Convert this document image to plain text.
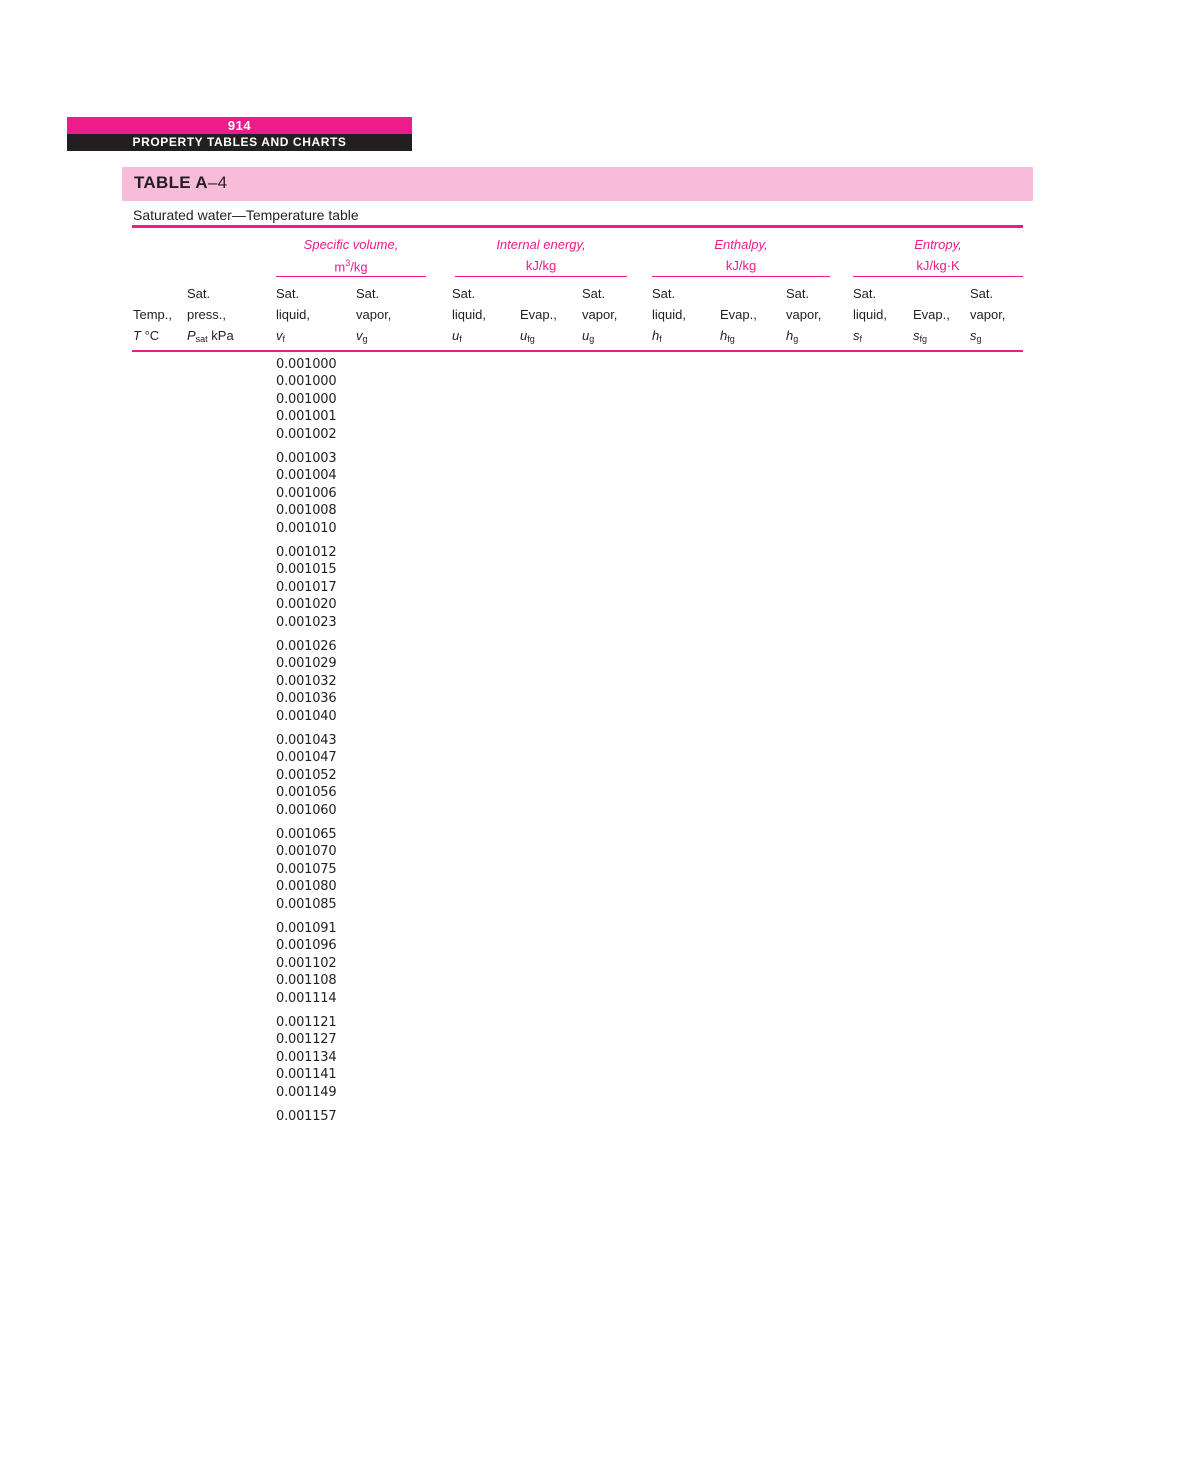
914
PROPERTY TABLES AND CHARTS
TABLE A–4
Saturated water—Temperature table
Specific volume,
$m^3/kg$
Internal energy,
kJ/kg
Enthalpy,
kJ/kg
Entropy,
kJ/kg·K

Temp.,
T °C
Sat.
press.,
$P_{sat}$ kPa
Sat.
liquid,
$v_f$
Sat.
vapor,
$v_g$
Sat.
liquid,
$u_f$

Evap.,
$u_{fg}$
Sat.
vapor,
$u_g$
Sat.
liquid,
$h_f$

Evap.,
$h_{fg}$
Sat.
vapor,
$h_g$
Sat.
liquid,
$s_f$

Evap.,
$s_{fg}$
Sat.
vapor,
$s_g$
0.001000
0.001000
0.001000
0.001001
0.001002
0.001003
0.001004
0.001006
0.001008
0.001010
0.001012
0.001015
0.001017
0.001020
0.001023
0.001026
0.001029
0.001032
0.001036
0.001040
0.001043
0.001047
0.001052
0.001056
0.001060
0.001065
0.001070
0.001075
0.001080
0.001085
0.001091
0.001096
0.001102
0.001108
0.001114
0.001121
0.001127
0.001134
0.001141
0.001149
0.001157
